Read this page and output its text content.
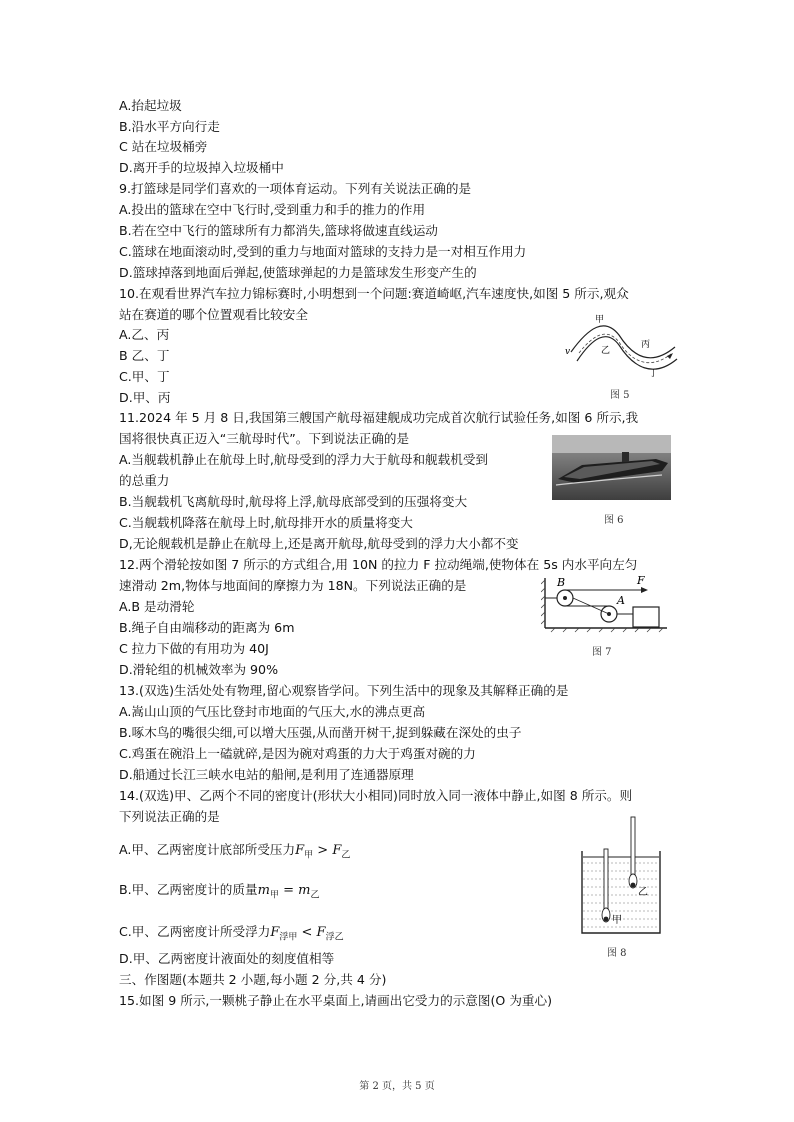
A.抬起垃圾
B.沿水平方向行走
C 站在垃圾桶旁
D.离开手的垃圾掉入垃圾桶中
9.打篮球是同学们喜欢的一项体育运动。下列有关说法正确的是
A.投出的篮球在空中飞行时,受到重力和手的推力的作用
B.若在空中飞行的篮球所有力都消失,篮球将做速直线运动
C.篮球在地面滚动时,受到的重力与地面对篮球的支持力是一对相互作用力
D.篮球掉落到地面后弹起,使篮球弹起的力是篮球发生形变产生的
10.在观看世界汽车拉力锦标赛时,小明想到一个问题:赛道崎岖,汽车速度快,如图 5 所示,观众
站在赛道的哪个位置观看比较安全
A.乙、丙
B 乙、丁
C.甲、丁
D.甲、丙
11.2024 年 5 月 8 日,我国第三艘国产航母福建舰成功完成首次航行试验任务,如图 6 所示,我
国将很快真正迈入“三航母时代”。下到说法正确的是
A.当舰载机静止在航母上时,航母受到的浮力大于航母和舰载机受到
的总重力
B.当舰载机飞离航母时,航母将上浮,航母底部受到的压强将变大
C.当舰载机降落在航母上时,航母排开水的质量将变大
D,无论舰载机是静止在航母上,还是离开航母,航母受到的浮力大小都不变
12.两个滑轮按如图 7 所示的方式组合,用 10N 的拉力 F 拉动绳端,使物体在 5s 内水平向左匀
速滑动 2m,物体与地面间的摩擦力为 18N。下列说法正确的是
A.B 是动滑轮
B.绳子自由端移动的距离为 6m
C 拉力下做的有用功为 40J
D.滑轮组的机械效率为 90%
13.(双选)生活处处有物理,留心观察皆学问。下列生活中的现象及其解释正确的是
A.嵩山山顶的气压比登封市地面的气压大,水的沸点更高
B.啄木鸟的嘴很尖细,可以增大压强,从而凿开树干,捉到躲藏在深处的虫子
C.鸡蛋在碗沿上一磕就碎,是因为碗对鸡蛋的力大于鸡蛋对碗的力
D.船通过长江三峡水电站的船闸,是利用了连通器原理
14.(双选)甲、乙两个不同的密度计(形状大小相同)同时放入同一液体中静止,如图 8 所示。则
下列说法正确的是
A.甲、乙两密度计底部所受压力$F_甲 > F_乙$
B.甲、乙两密度计的质量$m_甲 = m_乙$
C.甲、乙两密度计所受浮力$F_{浮甲} < F_{浮乙}$
D.甲、乙两密度计液面处的刻度值相等
三、作图题(本题共 2 小题,每小题 2 分,共 4 分)
15.如图 9 所示,一颗桃子静止在水平桌面上,请画出它受力的示意图(O 为重心)
甲
乙
丙
丁
v
图 5
图 6
B	F
A
图 7
乙
甲
图 8
第 2 页，共 5 页
